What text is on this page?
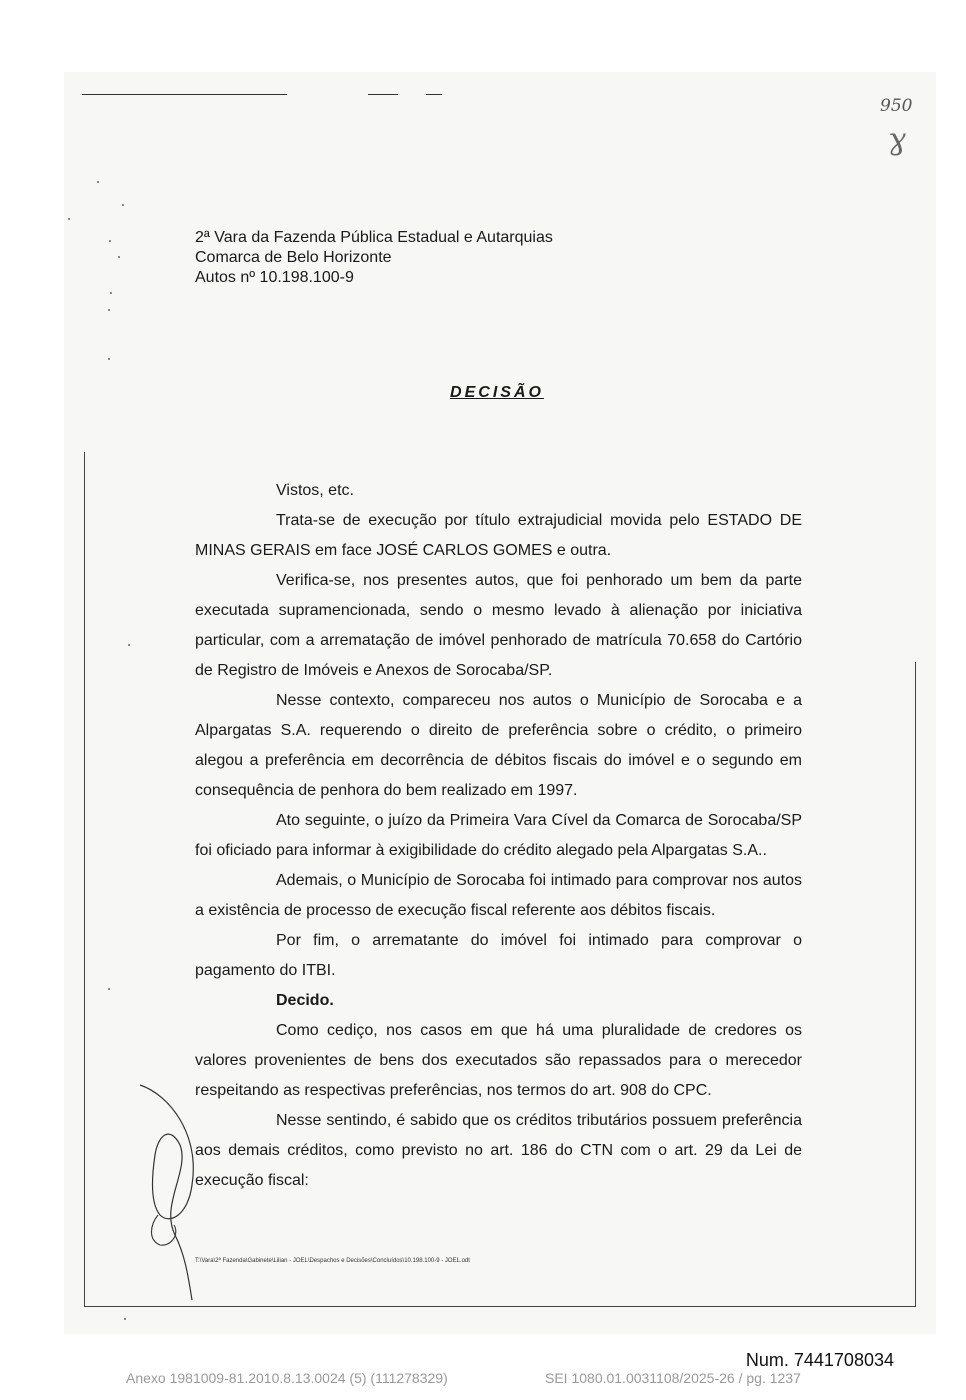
950
ɣ
2ª Vara da Fazenda Pública Estadual e Autarquias
Comarca de Belo Horizonte
Autos nº 10.198.100-9
DECISÃO

Vistos, etc.

Trata-se de execução por título extrajudicial movida pelo ESTADO DE MINAS GERAIS em face JOSÉ CARLOS GOMES e outra.

Verifica-se, nos presentes autos, que foi penhorado um bem da parte executada supramencionada, sendo o mesmo levado à alienação por iniciativa particular, com a arrematação de imóvel penhorado de matrícula 70.658 do Cartório de Registro de Imóveis e Anexos de Sorocaba/SP.

Nesse contexto, compareceu nos autos o Município de Sorocaba e a Alpargatas S.A. requerendo o direito de preferência sobre o crédito, o primeiro alegou a preferência em decorrência de débitos fiscais do imóvel e o segundo em consequência de penhora do bem realizado em 1997.

Ato seguinte, o juízo da Primeira Vara Cível da Comarca de Sorocaba/SP foi oficiado para informar à exigibilidade do crédito alegado pela Alpargatas S.A..

Ademais, o Município de Sorocaba foi intimado para comprovar nos autos a existência de processo de execução fiscal referente aos débitos fiscais.

Por fim, o arrematante do imóvel foi intimado para comprovar o pagamento do ITBI.

Decido.

Como cediço, nos casos em que há uma pluralidade de credores os valores provenientes de bens dos executados são repassados para o merecedor respeitando as respectivas preferências, nos termos do art. 908 do CPC.

Nesse sentindo, é sabido que os créditos tributários possuem preferência aos demais créditos, como previsto no art. 186 do CTN com o art. 29 da Lei de execução fiscal:

T:\Vara\2ª Fazenda\Gabinete\Lilian - JOEL\Despachos e Decisões\Concluídos\10.198.100-9 - JOEL.odt
Num. 7441708034
Anexo 1981009-81.2010.8.13.0024 (5) (111278329)	SEI 1080.01.0031108/2025-26 / pg. 1237
